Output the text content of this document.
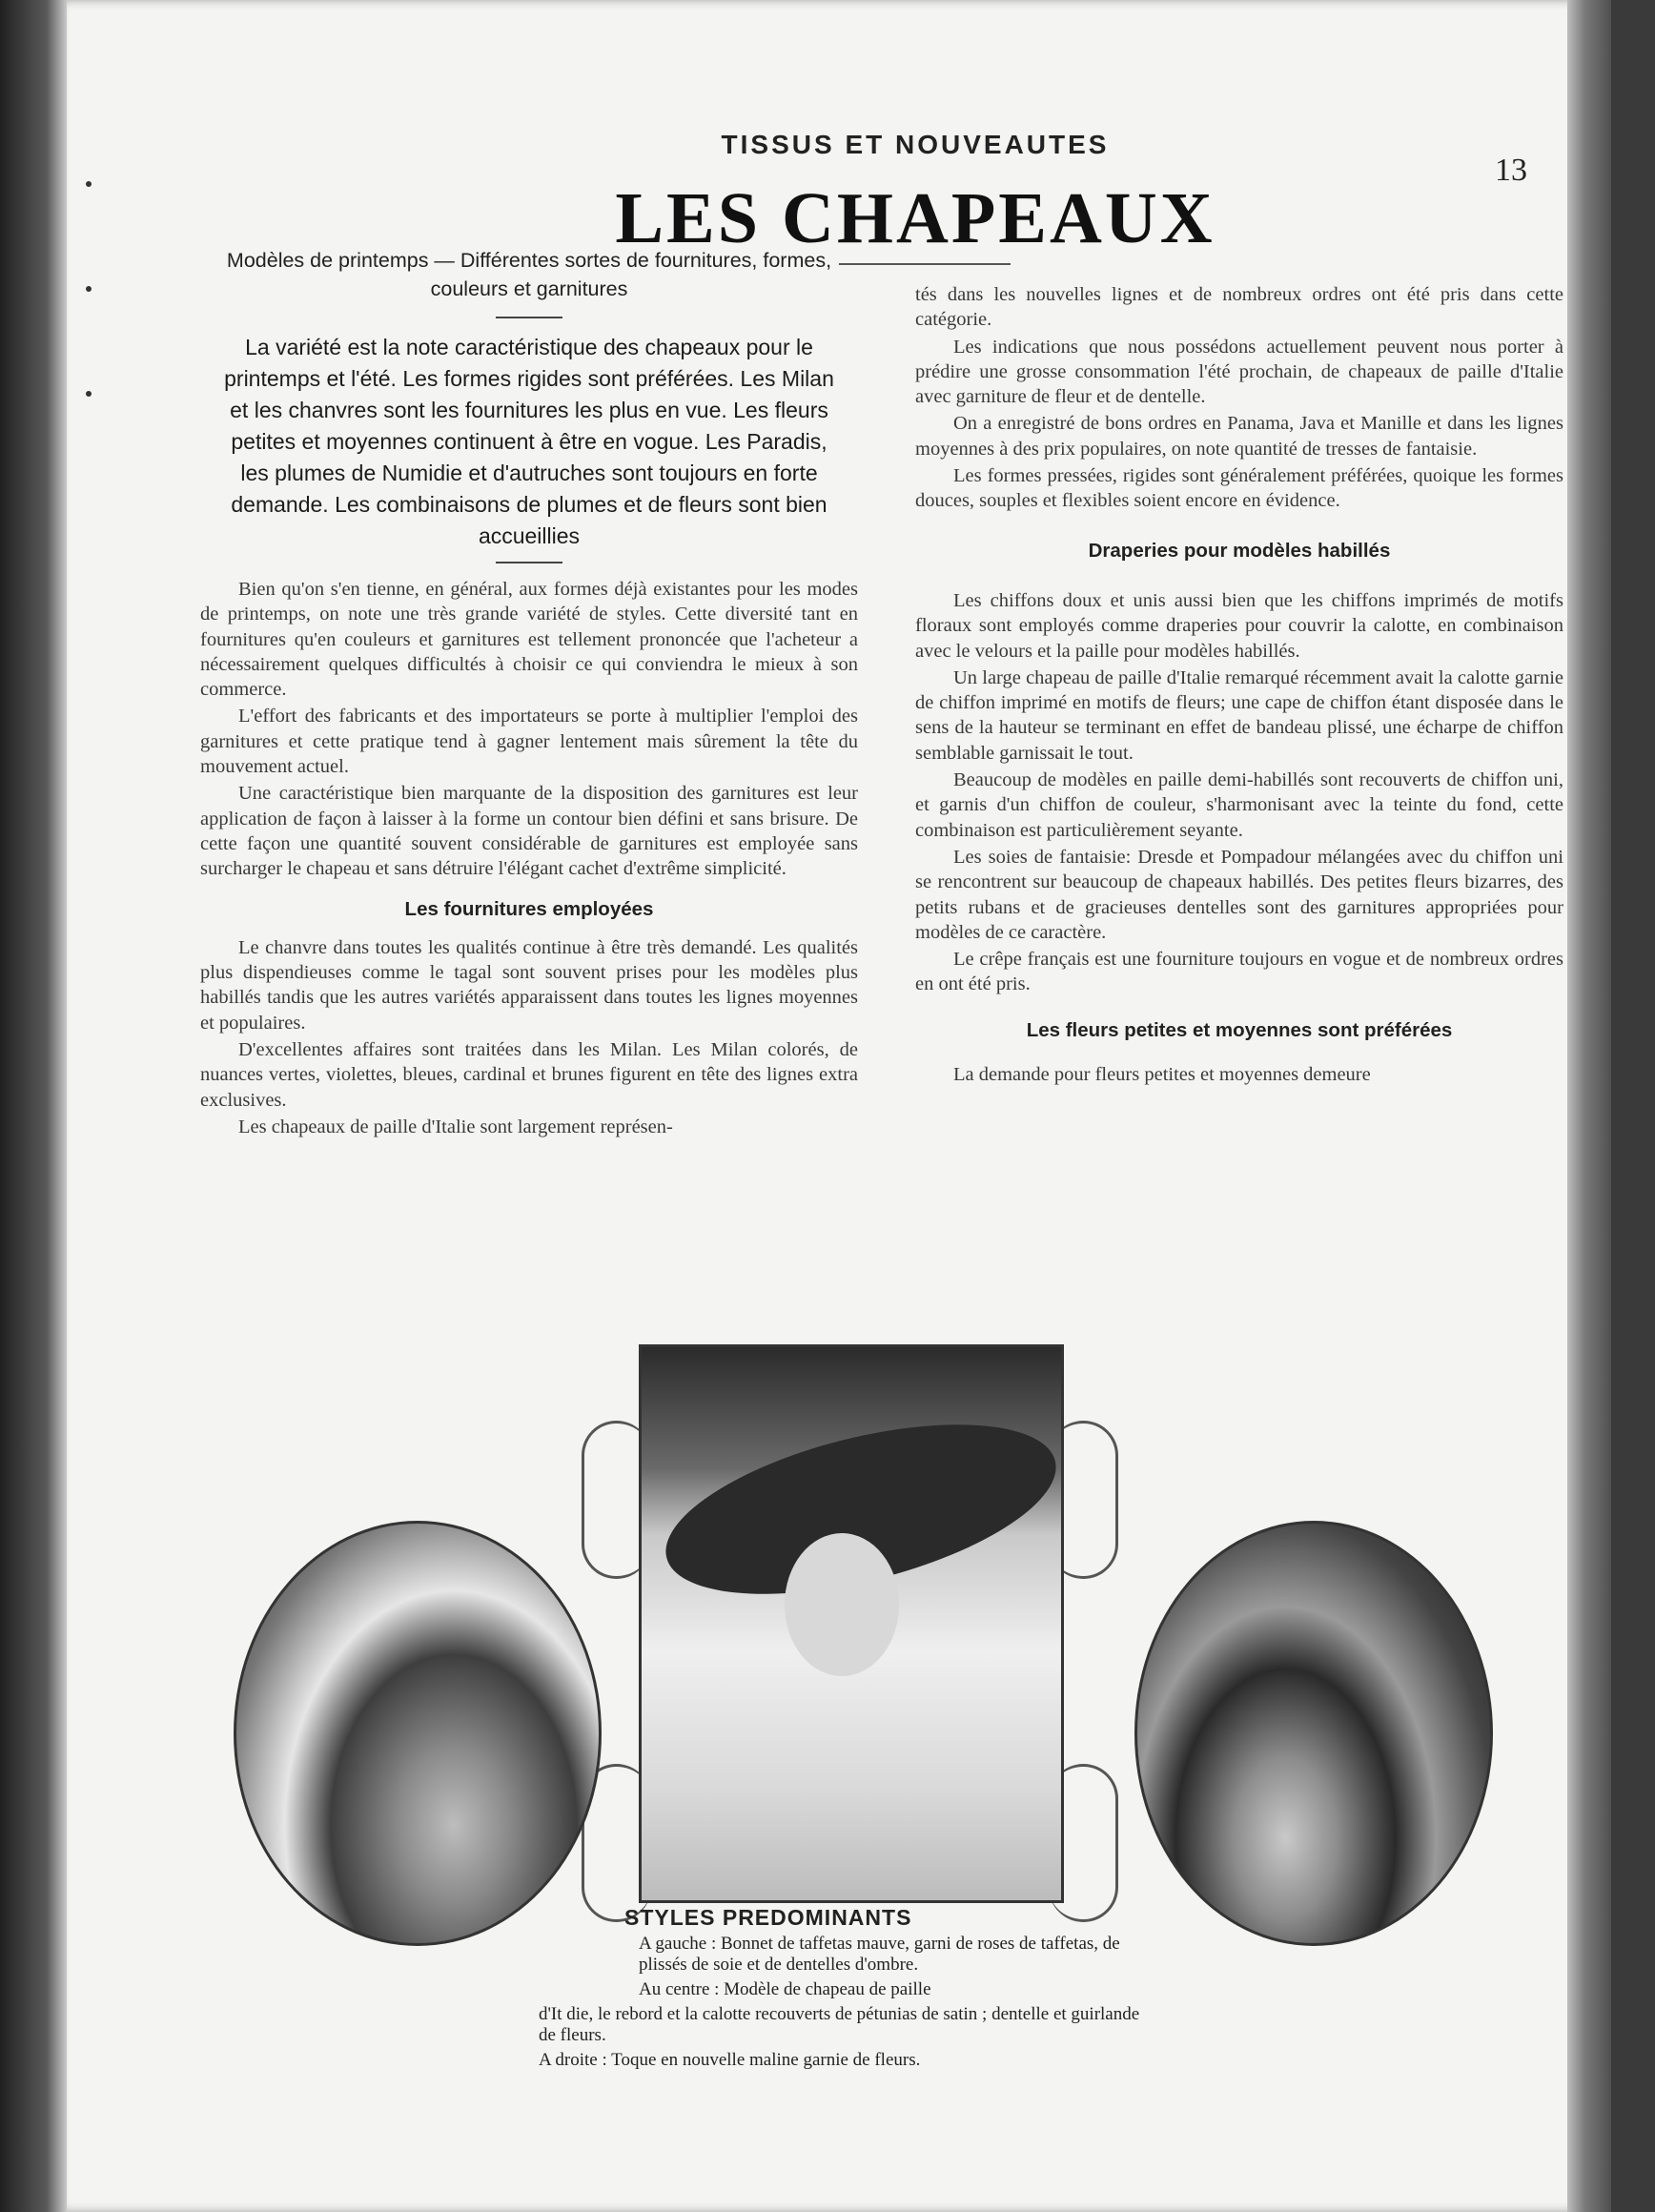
TISSUS ET NOUVEAUTES
13
LES CHAPEAUX
Modèles de printemps — Différentes sortes de fournitures, formes, couleurs et garnitures
La variété est la note caractéristique des chapeaux pour le printemps et l'été. Les formes rigides sont préférées. Les Milan et les chanvres sont les fournitures les plus en vue. Les fleurs petites et moyennes continuent à être en vogue. Les Paradis, les plumes de Numidie et d'autruches sont toujours en forte demande. Les combinaisons de plumes et de fleurs sont bien accueillies

Bien qu'on s'en tienne, en général, aux formes déjà existantes pour les modes de printemps, on note une très grande variété de styles. Cette diversité tant en fournitures qu'en couleurs et garnitures est tellement prononcée que l'acheteur a nécessairement quelques difficultés à choisir ce qui conviendra le mieux à son commerce.

L'effort des fabricants et des importateurs se porte à multiplier l'emploi des garnitures et cette pratique tend à gagner lentement mais sûrement la tête du mouvement actuel.

Une caractéristique bien marquante de la disposition des garnitures est leur application de façon à laisser à la forme un contour bien défini et sans brisure. De cette façon une quantité souvent considérable de garnitures est employée sans surcharger le chapeau et sans détruire l'élégant cachet d'extrême simplicité.

Les fournitures employées

Le chanvre dans toutes les qualités continue à être très demandé. Les qualités plus dispendieuses comme le tagal sont souvent prises pour les modèles plus habillés tandis que les autres variétés apparaissent dans toutes les lignes moyennes et populaires.

D'excellentes affaires sont traitées dans les Milan. Les Milan colorés, de nuances vertes, violettes, bleues, cardinal et brunes figurent en tête des lignes extra exclusives.

Les chapeaux de paille d'Italie sont largement représen-

tés dans les nouvelles lignes et de nombreux ordres ont été pris dans cette catégorie.

Les indications que nous possédons actuellement peuvent nous porter à prédire une grosse consommation l'été prochain, de chapeaux de paille d'Italie avec garniture de fleur et de dentelle.

On a enregistré de bons ordres en Panama, Java et Manille et dans les lignes moyennes à des prix populaires, on note quantité de tresses de fantaisie.

Les formes pressées, rigides sont généralement préférées, quoique les formes douces, souples et flexibles soient encore en évidence.

Draperies pour modèles habillés

Les chiffons doux et unis aussi bien que les chiffons imprimés de motifs floraux sont employés comme draperies pour couvrir la calotte, en combinaison avec le velours et la paille pour modèles habillés.

Un large chapeau de paille d'Italie remarqué récemment avait la calotte garnie de chiffon imprimé en motifs de fleurs; une cape de chiffon étant disposée dans le sens de la hauteur se terminant en effet de bandeau plissé, une écharpe de chiffon semblable garnissait le tout.

Beaucoup de modèles en paille demi-habillés sont recouverts de chiffon uni, et garnis d'un chiffon de couleur, s'harmonisant avec la teinte du fond, cette combinaison est particulièrement seyante.

Les soies de fantaisie: Dresde et Pompadour mélangées avec du chiffon uni se rencontrent sur beaucoup de chapeaux habillés. Des petites fleurs bizarres, des petits rubans et de gracieuses dentelles sont des garnitures appropriées pour modèles de ce caractère.

Le crêpe français est une fourniture toujours en vogue et de nombreux ordres en ont été pris.

Les fleurs petites et moyennes sont préférées

La demande pour fleurs petites et moyennes demeure

STYLES PREDOMINANTS

A gauche : Bonnet de taffetas mauve, garni de roses de taffetas, de plissés de soie et de dentelles d'ombre.

Au centre : Modèle de chapeau de paille

d'It die, le rebord et la calotte recouverts de pétunias de satin ; dentelle et guirlande de fleurs.

A droite : Toque en nouvelle maline garnie de fleurs.
